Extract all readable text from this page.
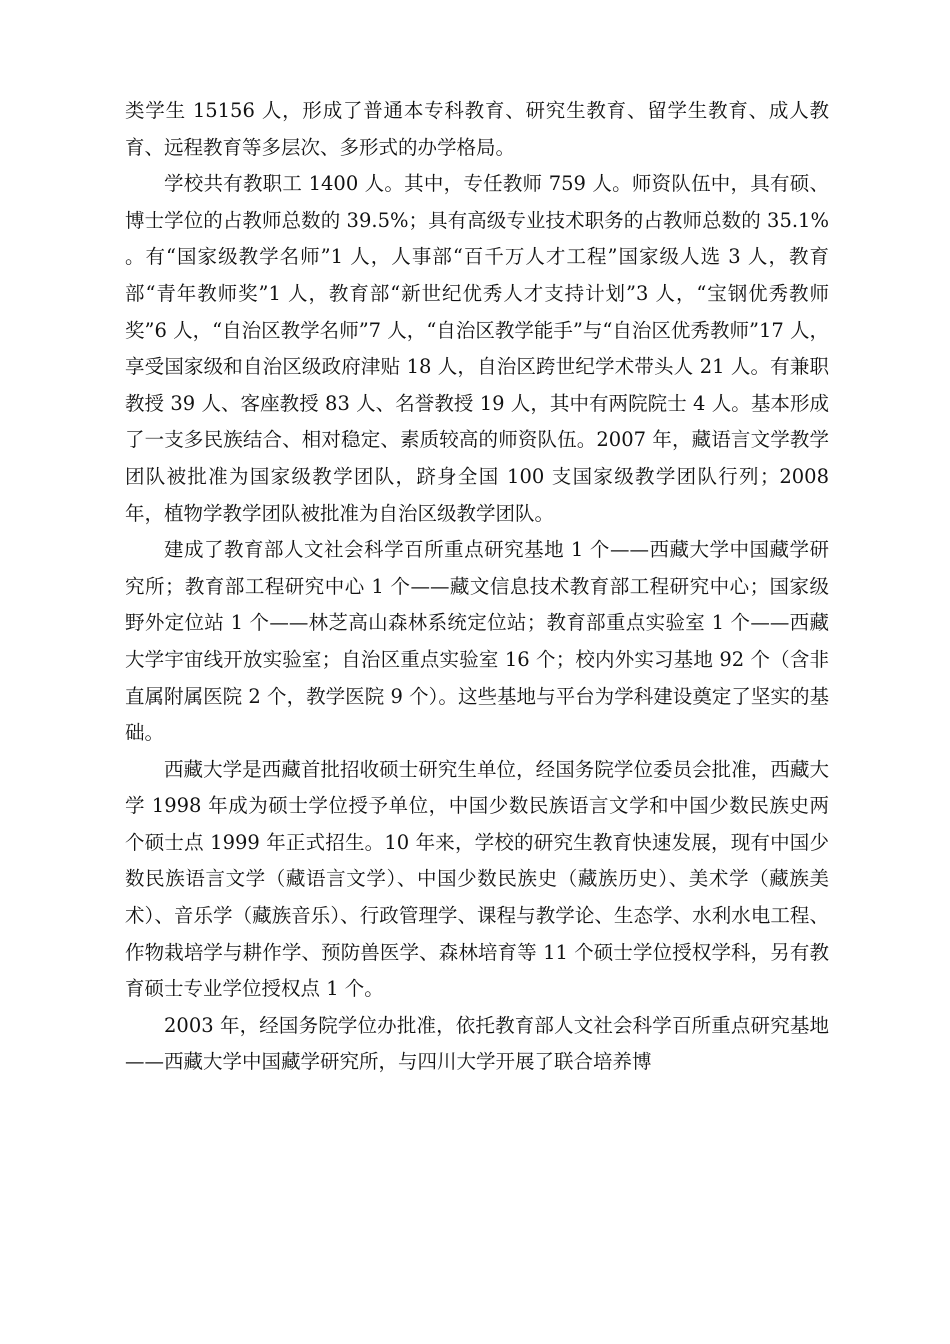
类学生 15156 人，形成了普通本专科教育、研究生教育、留学生教育、成人教育、远程教育等多层次、多形式的办学格局。

学校共有教职工 1400 人。其中，专任教师 759 人。师资队伍中，具有硕、博士学位的占教师总数的 39.5%；具有高级专业技术职务的占教师总数的 35.1% 。有“国家级教学名师”1 人，人事部“百千万人才工程”国家级人选 3 人，教育部“青年教师奖”1 人，教育部“新世纪优秀人才支持计划”3 人，“宝钢优秀教师奖”6 人，“自治区教学名师”7 人，“自治区教学能手”与“自治区优秀教师”17 人，享受国家级和自治区级政府津贴 18 人，自治区跨世纪学术带头人 21 人。有兼职教授 39 人、客座教授 83 人、名誉教授 19 人，其中有两院院士 4 人。基本形成了一支多民族结合、相对稳定、素质较高的师资队伍。2007 年，藏语言文学教学团队被批准为国家级教学团队，跻身全国 100 支国家级教学团队行列；2008 年，植物学教学团队被批准为自治区级教学团队。

建成了教育部人文社会科学百所重点研究基地 1 个——西藏大学中国藏学研究所；教育部工程研究中心 1 个——藏文信息技术教育部工程研究中心；国家级野外定位站 1 个——林芝高山森林系统定位站；教育部重点实验室 1 个——西藏大学宇宙线开放实验室；自治区重点实验室 16 个；校内外实习基地 92 个（含非直属附属医院 2 个，教学医院 9 个）。这些基地与平台为学科建设奠定了坚实的基础。

西藏大学是西藏首批招收硕士研究生单位，经国务院学位委员会批准，西藏大学 1998 年成为硕士学位授予单位，中国少数民族语言文学和中国少数民族史两个硕士点 1999 年正式招生。10 年来，学校的研究生教育快速发展，现有中国少数民族语言文学（藏语言文学）、中国少数民族史（藏族历史）、美术学（藏族美术）、音乐学（藏族音乐）、行政管理学、课程与教学论、生态学、水利水电工程、作物栽培学与耕作学、预防兽医学、森林培育等 11 个硕士学位授权学科，另有教育硕士专业学位授权点 1 个。

2003 年，经国务院学位办批准，依托教育部人文社会科学百所重点研究基地——西藏大学中国藏学研究所，与四川大学开展了联合培养博
